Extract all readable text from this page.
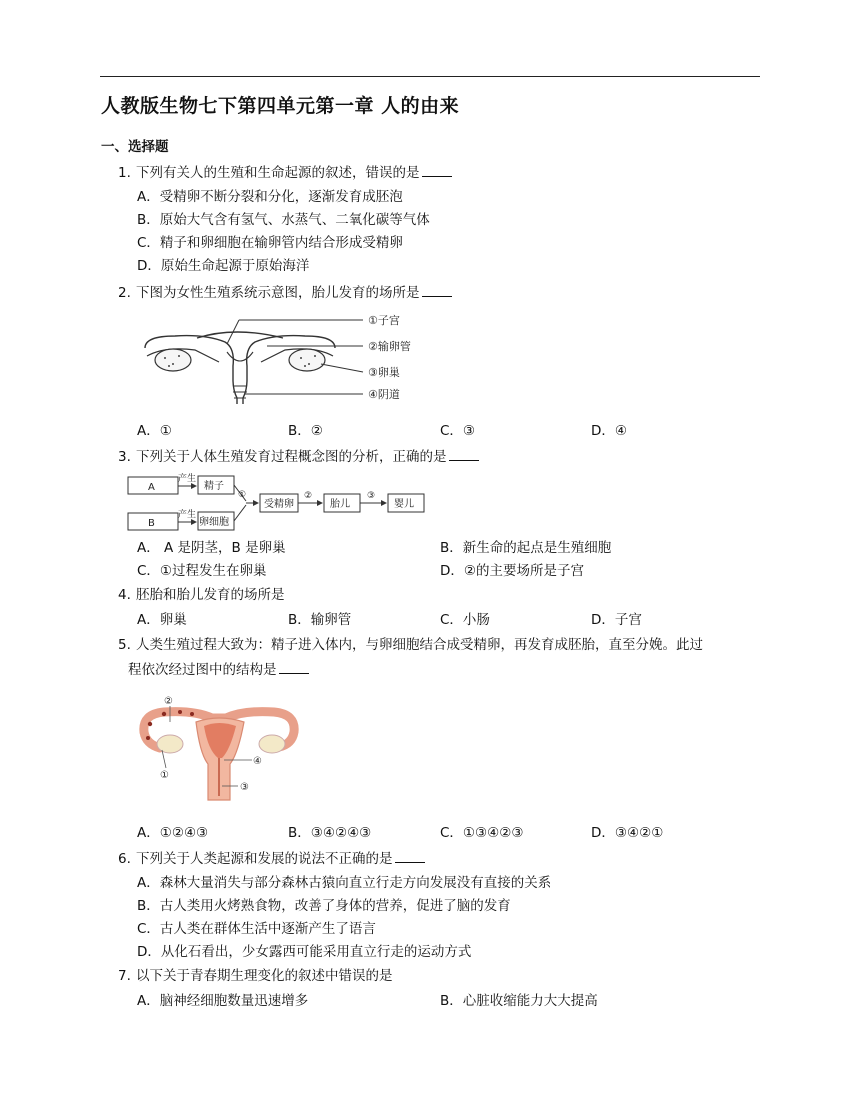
人教版生物七下第四单元第一章 人的由来
一、选择题
1. 下列有关人的生殖和生命起源的叙述，错误的是
A．受精卵不断分裂和分化，逐渐发育成胚泡
B．原始大气含有氢气、水蒸气、二氧化碳等气体
C．精子和卵细胞在输卵管内结合形成受精卵
D．原始生命起源于原始海洋
2. 下图为女性生殖系统示意图，胎儿发育的场所是
①子宫
②输卵管
③卵巢
④阴道
A．①	B．②	C．③	D．④
3. 下列关于人体生殖发育过程概念图的分析，正确的是
A
B
产生
产生
精子
卵细胞
①
受精卵
②
胎儿
③
婴儿
A． A 是阴茎，B 是卵巢	B．新生命的起点是生殖细胞
C．①过程发生在卵巢	D．②的主要场所是子宫
4. 胚胎和胎儿发育的场所是
A．卵巢	B．输卵管	C．小肠	D．子宫
5. 人类生殖过程大致为：精子进入体内，与卵细胞结合成受精卵，再发育成胚胎，直至分娩。此过
程依次经过图中的结构是
②
④
①
③
A．①②④③	B．③④②④③	C．①③④②③	D．③④②①
6. 下列关于人类起源和发展的说法不正确的是
A．森林大量消失与部分森林古猿向直立行走方向发展没有直接的关系
B．古人类用火烤熟食物，改善了身体的营养，促进了脑的发育
C．古人类在群体生活中逐渐产生了语言
D．从化石看出，少女露西可能采用直立行走的运动方式
7. 以下关于青春期生理变化的叙述中错误的是
A．脑神经细胞数量迅速增多	B．心脏收缩能力大大提高
